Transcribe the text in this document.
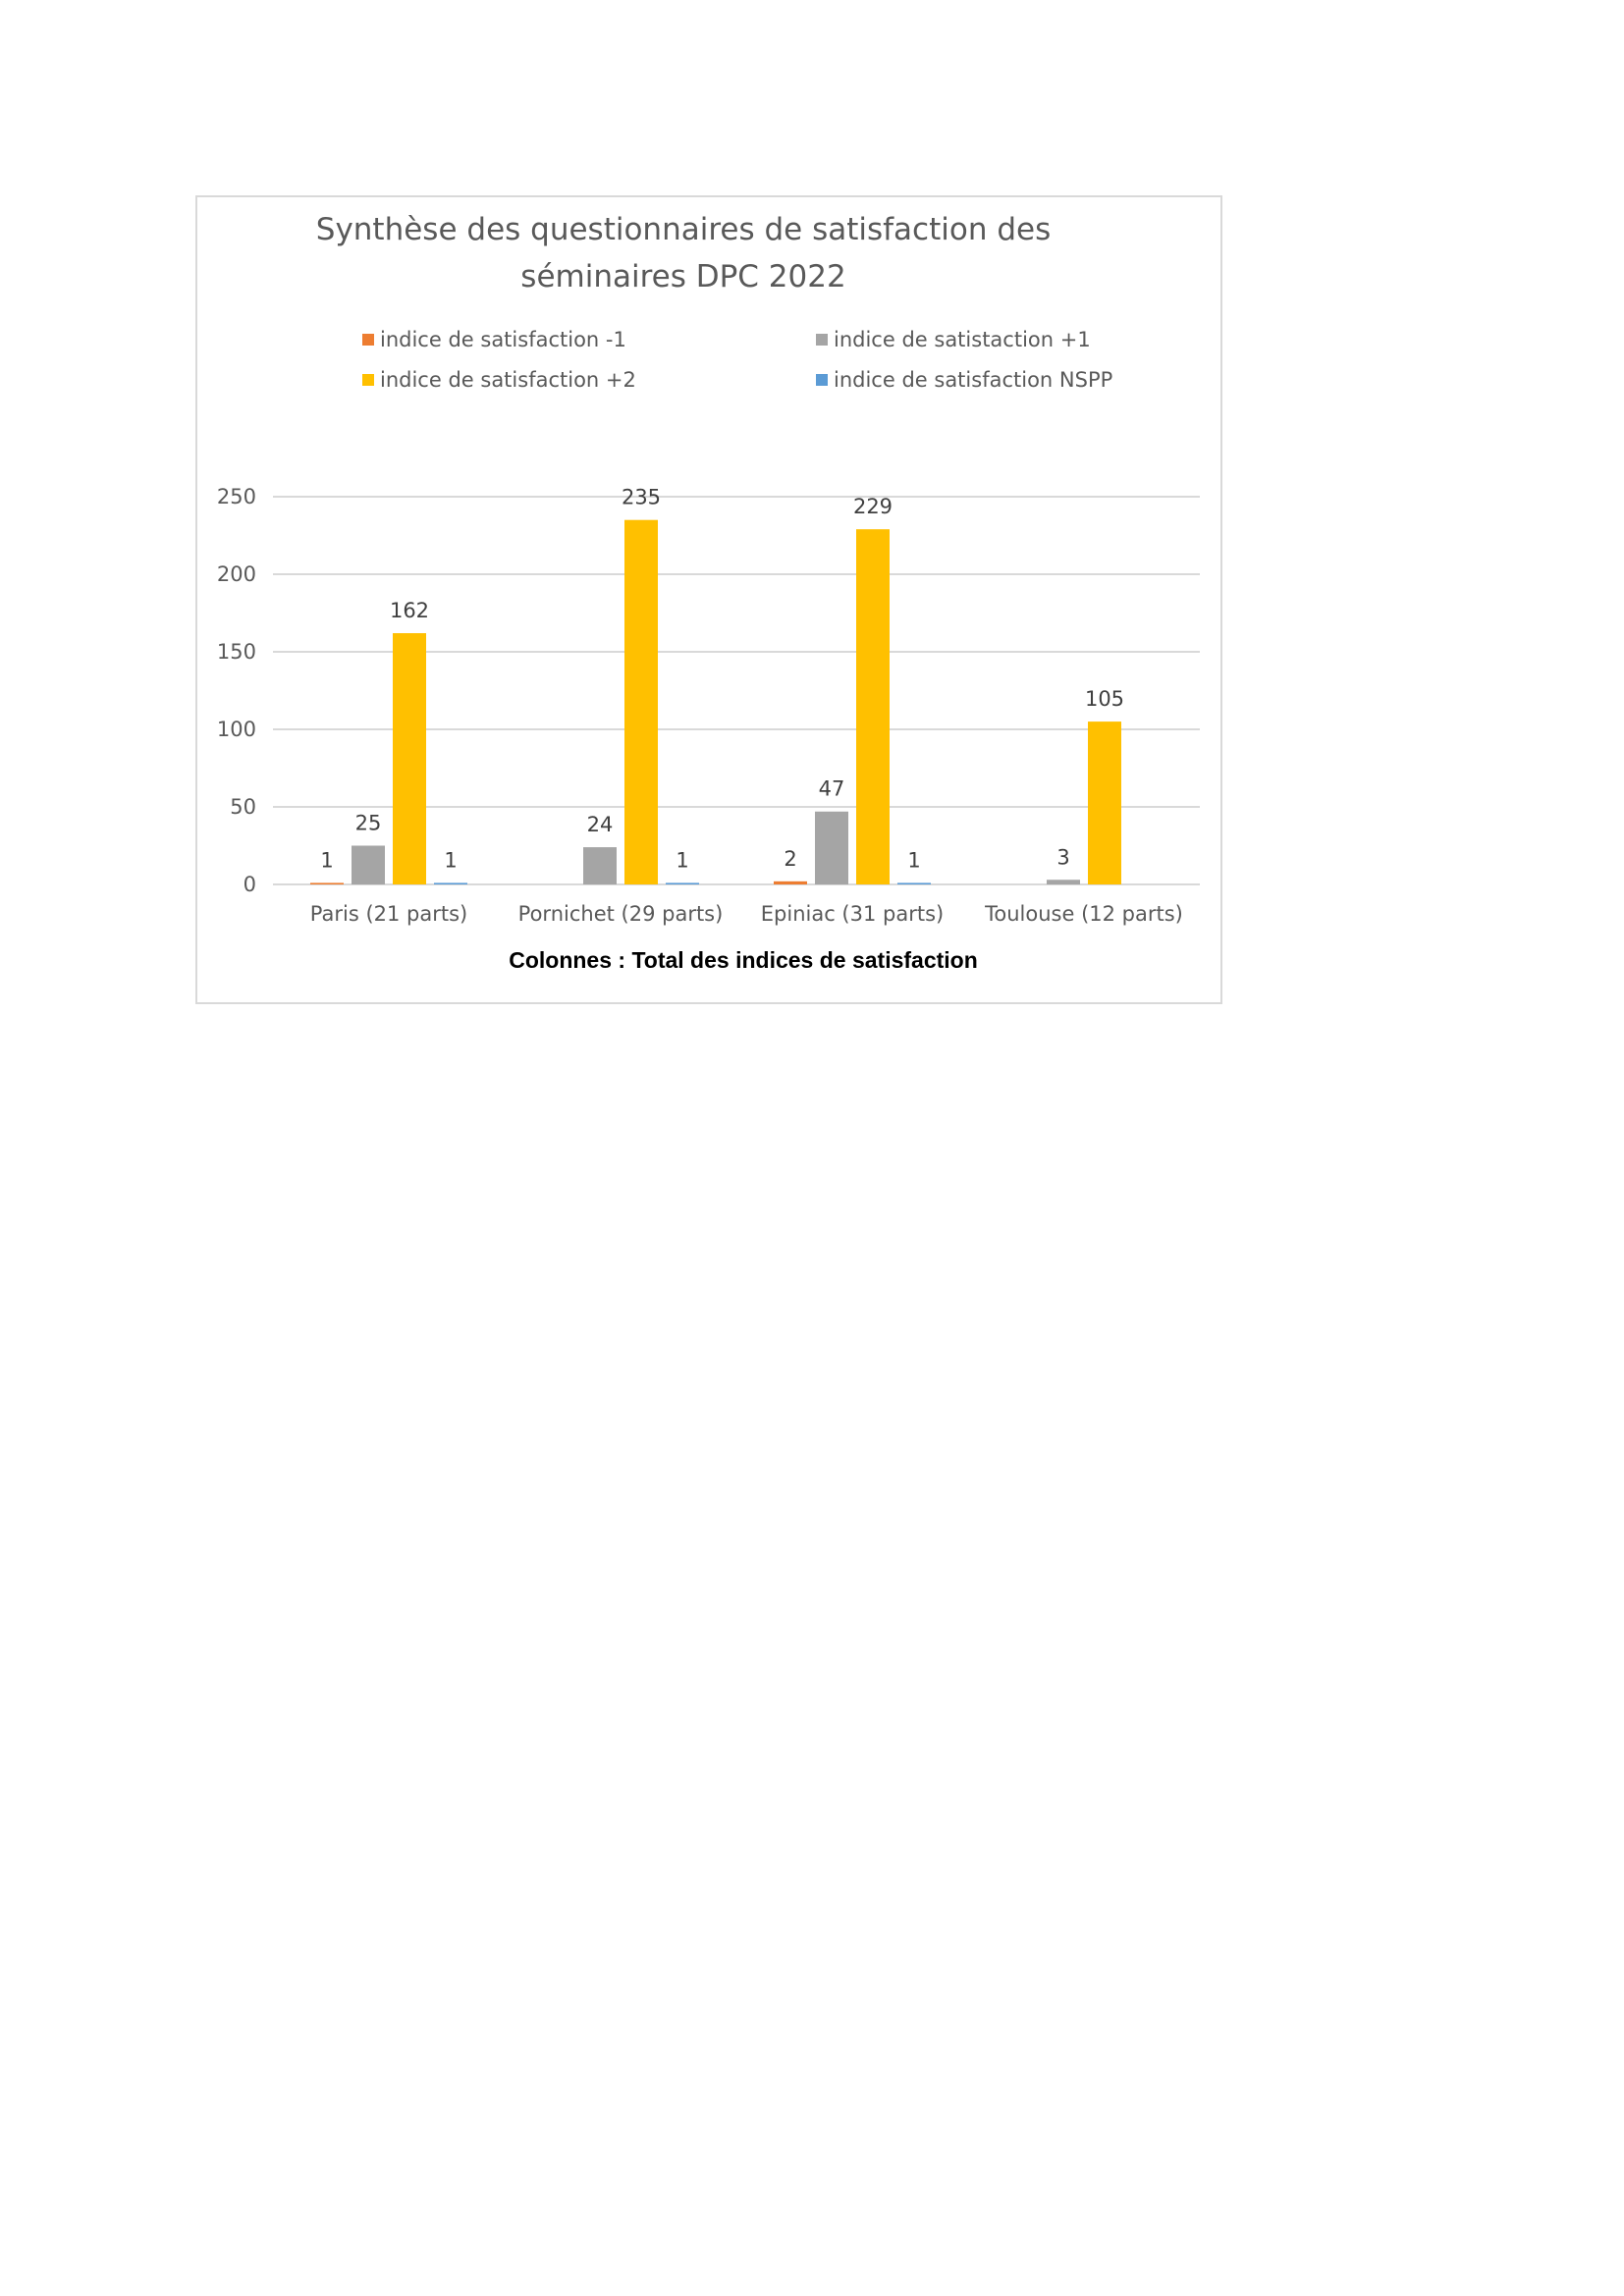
Synthèse des questionnaires de satisfaction des
séminaires DPC 2022
indice de satisfaction -1	indice de satistaction +1
indice de satisfaction +2	indice de satisfaction NSPP
0
50
100
150
200
250
1
25
162
1
24
235
1	2
47
229
1	3
105
Paris (21 parts) Pornichet (29 parts) Epiniac (31 parts) Toulouse (12 parts)
Colonnes : Total des indices de satisfaction
